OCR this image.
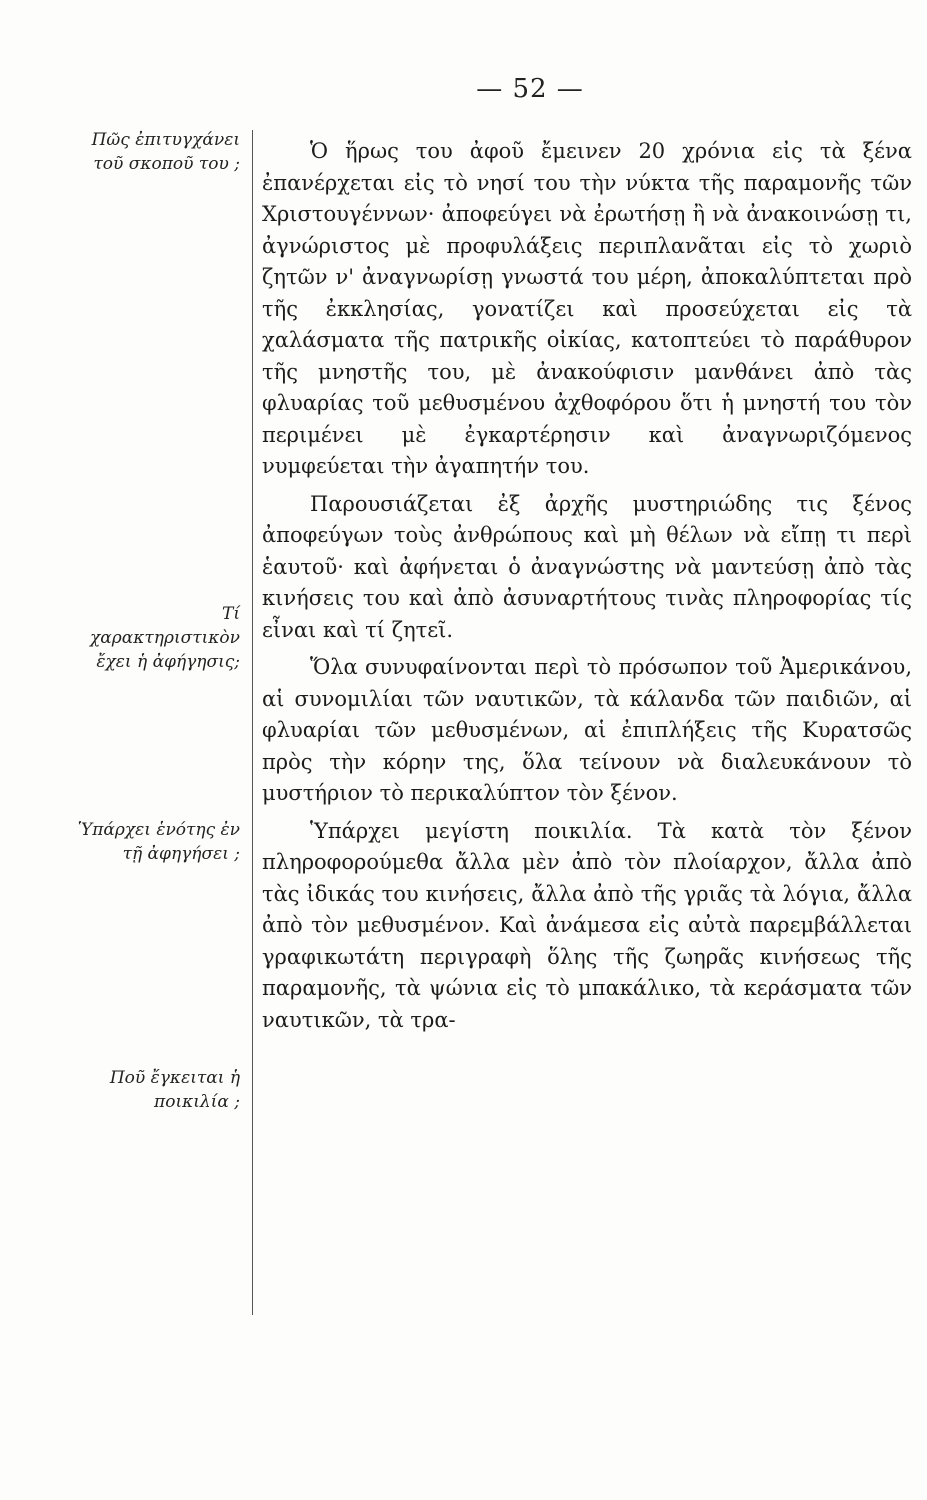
— 52 —
Πῶς ἐπιτυγχάνει τοῦ σκοποῦ του ;
Τί χαρακτηριστικὸν ἔχει ἡ ἀφήγησις;
Ὑπάρχει ἑνότης ἐν τῇ ἀφηγήσει ;
Ποῦ ἔγκειται ἡ ποικιλία ;

Ὁ ἥρως του ἀφοῦ ἔμεινεν 20 χρόνια εἰς τὰ ξένα ἐπανέρχεται εἰς τὸ νησί του τὴν νύκτα τῆς παραμονῆς τῶν Χριστουγέννων· ἀποφεύγει νὰ ἐρωτήσῃ ἢ νὰ ἀνακοινώσῃ τι, ἀγνώριστος μὲ προφυλάξεις περιπλανᾶται εἰς τὸ χωριὸ ζητῶν ν' ἀναγνωρίσῃ γνωστά του μέρη, ἀποκαλύπτεται πρὸ τῆς ἐκκλησίας, γονατίζει καὶ προσεύχεται εἰς τὰ χαλάσματα τῆς πατρικῆς οἰκίας, κατοπτεύει τὸ παράθυρον τῆς μνηστῆς του, μὲ ἀνακούφισιν μανθάνει ἀπὸ τὰς φλυαρίας τοῦ μεθυσμένου ἀχθοφόρου ὅτι ἡ μνηστή του τὸν περιμένει μὲ ἐγκαρτέρησιν καὶ ἀναγνωριζόμενος νυμφεύεται τὴν ἀγαπητήν του.

Παρουσιάζεται ἐξ ἀρχῆς μυστηριώδης τις ξένος ἀποφεύγων τοὺς ἀνθρώπους καὶ μὴ θέλων νὰ εἴπῃ τι περὶ ἑαυτοῦ· καὶ ἀφήνεται ὁ ἀναγνώστης νὰ μαντεύσῃ ἀπὸ τὰς κινήσεις του καὶ ἀπὸ ἀσυναρτήτους τινὰς πληροφορίας τίς εἶναι καὶ τί ζητεῖ.

Ὅλα συνυφαίνονται περὶ τὸ πρόσωπον τοῦ Ἀμερικάνου, αἱ συνομιλίαι τῶν ναυτικῶν, τὰ κάλανδα τῶν παιδιῶν, αἱ φλυαρίαι τῶν μεθυσμένων, αἱ ἐπιπλήξεις τῆς Κυρατσῶς πρὸς τὴν κόρην της, ὅλα τείνουν νὰ διαλευκάνουν τὸ μυστήριον τὸ περικαλύπτον τὸν ξένον.

Ὑπάρχει μεγίστη ποικιλία. Τὰ κατὰ τὸν ξένον πληροφορούμεθα ἄλλα μὲν ἀπὸ τὸν πλοίαρχον, ἄλλα ἀπὸ τὰς ἰδικάς του κινήσεις, ἄλλα ἀπὸ τῆς γριᾶς τὰ λόγια, ἄλλα ἀπὸ τὸν μεθυσμένον. Καὶ ἀνάμεσα εἰς αὐτὰ παρεμβάλλεται γραφικωτάτη περιγραφὴ ὅλης τῆς ζωηρᾶς κινήσεως τῆς παραμονῆς, τὰ ψώνια εἰς τὸ μπακάλικο, τὰ κεράσματα τῶν ναυτικῶν, τὰ τρα-
